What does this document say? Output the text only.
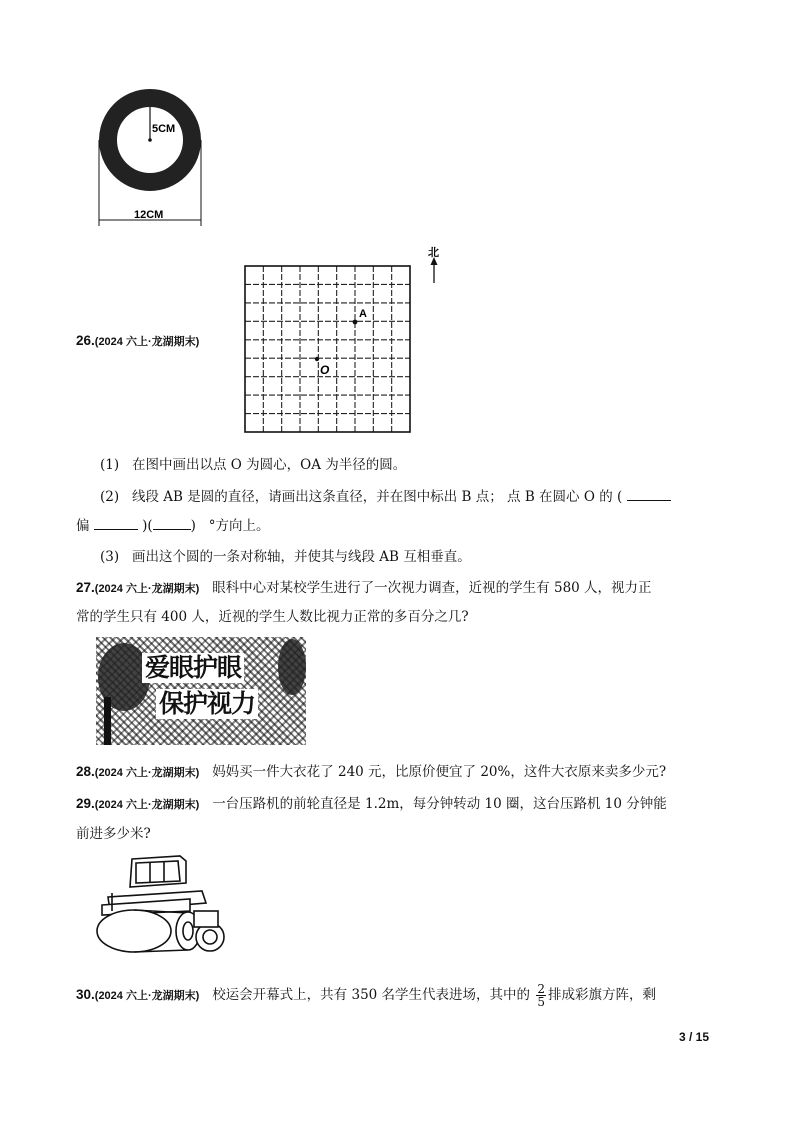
5CM
12CM
26.(2024 六上·龙湖期末)
北
A
O
(1) 在图中画出以点 O 为圆心，OA 为半径的圆。
(2) 线段 AB 是圆的直径，请画出这条直径，并在图中标出 B 点； 点 B 在圆心 O 的 (
偏	)(	) °方向上。
(3) 画出这个圆的一条对称轴，并使其与线段 AB 互相垂直。
27.(2024 六上·龙湖期末) 眼科中心对某校学生进行了一次视力调查，近视的学生有 580 人，视力正
常的学生只有 400 人，近视的学生人数比视力正常的多百分之几?
爱眼护眼
保护视力
28.(2024 六上·龙湖期末) 妈妈买一件大衣花了 240 元，比原价便宜了 20%，这件大衣原来卖多少元?
29.(2024 六上·龙湖期末) 一台压路机的前轮直径是 1.2m，每分钟转动 10 圈，这台压路机 10 分钟能
前进多少米?
30.(2024 六上·龙湖期末) 校运会开幕式上，共有 350 名学生代表进场，其中的 $\frac{2}{5}$ 排成彩旗方阵，剩
3 / 15
